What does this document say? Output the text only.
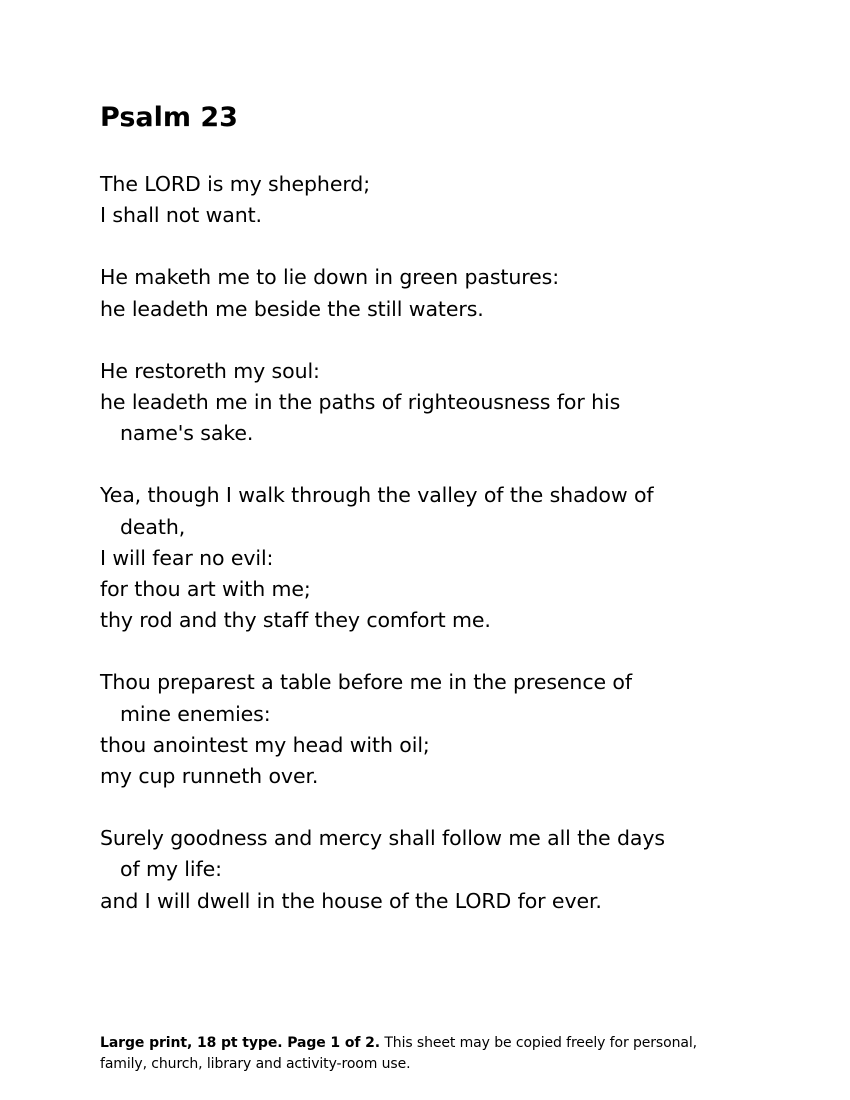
Psalm 23
The LORD is my shepherd;
I shall not want.
He maketh me to lie down in green pastures:
he leadeth me beside the still waters.
He restoreth my soul:
he leadeth me in the paths of righteousness for his
name's sake.
Yea, though I walk through the valley of the shadow of
death,
I will fear no evil:
for thou art with me;
thy rod and thy staff they comfort me.
Thou preparest a table before me in the presence of
mine enemies:
thou anointest my head with oil;
my cup runneth over.
Surely goodness and mercy shall follow me all the days
of my life:
and I will dwell in the house of the LORD for ever.
Large print, 18 pt type. Page 1 of 2. This sheet may be copied freely for personal, family, church, library and activity-room use.
